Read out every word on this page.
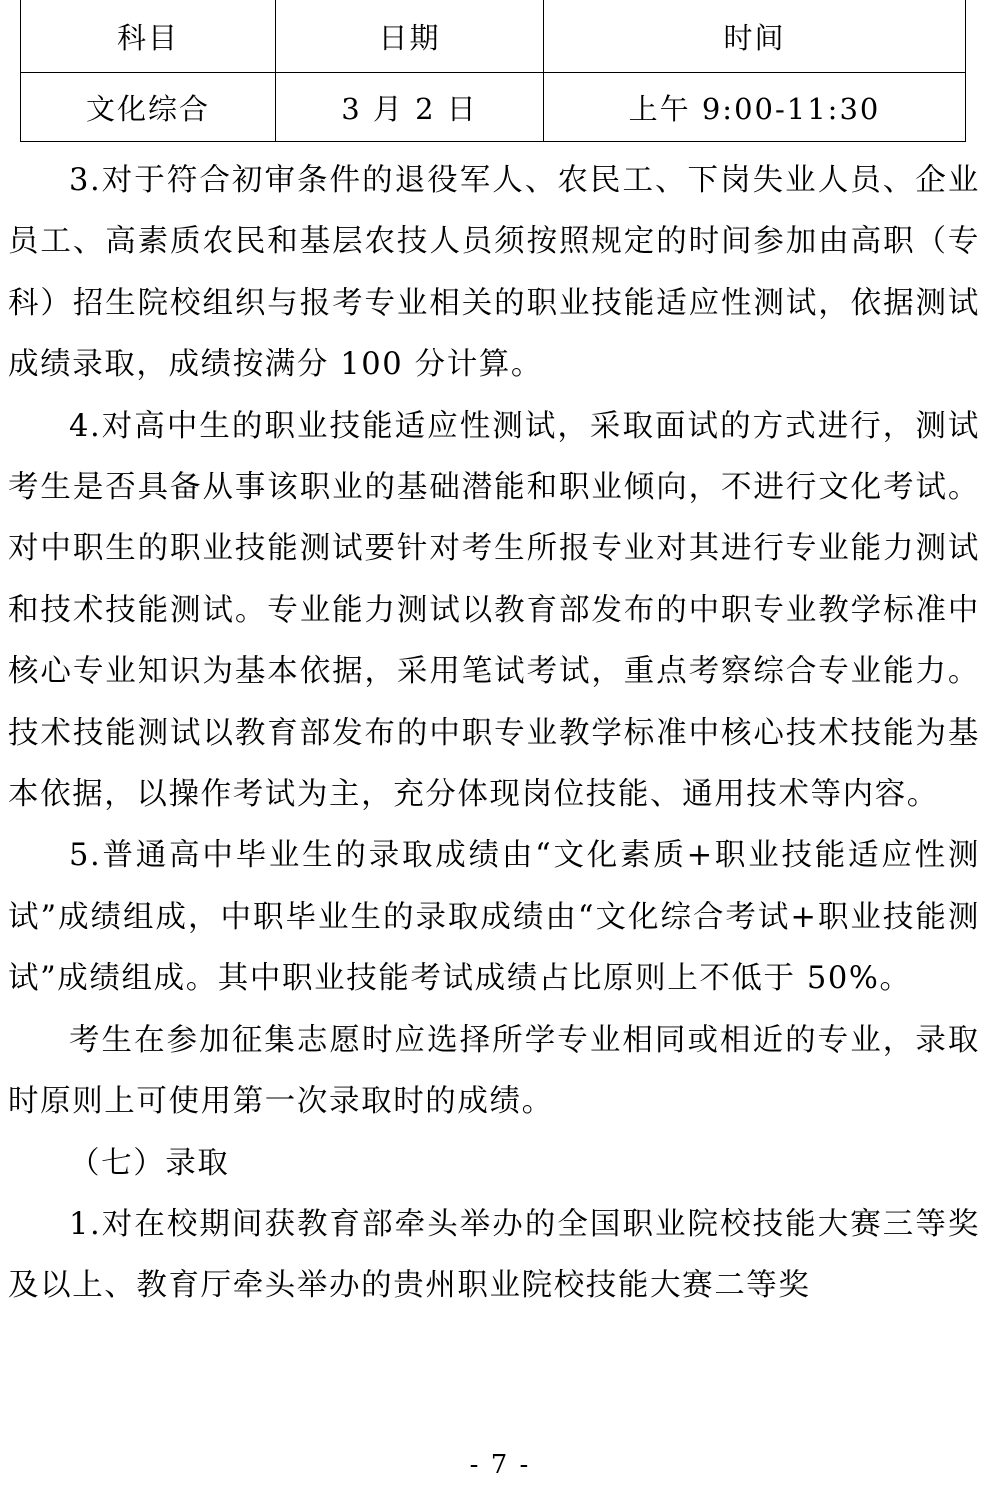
科目	日期	时间
文化综合	3 月 2 日	上午 9:00-11:30

3.对于符合初审条件的退役军人、农民工、下岗失业人员、企业员工、高素质农民和基层农技人员须按照规定的时间参加由高职（专科）招生院校组织与报考专业相关的职业技能适应性测试，依据测试成绩录取，成绩按满分 100 分计算。

4.对高中生的职业技能适应性测试，采取面试的方式进行，测试考生是否具备从事该职业的基础潜能和职业倾向，不进行文化考试。对中职生的职业技能测试要针对考生所报专业对其进行专业能力测试和技术技能测试。专业能力测试以教育部发布的中职专业教学标准中核心专业知识为基本依据，采用笔试考试，重点考察综合专业能力。技术技能测试以教育部发布的中职专业教学标准中核心技术技能为基本依据，以操作考试为主，充分体现岗位技能、通用技术等内容。

5.普通高中毕业生的录取成绩由“文化素质+职业技能适应性测试”成绩组成，中职毕业生的录取成绩由“文化综合考试+职业技能测试”成绩组成。其中职业技能考试成绩占比原则上不低于 50%。

考生在参加征集志愿时应选择所学专业相同或相近的专业，录取时原则上可使用第一次录取时的成绩。

（七）录取

1.对在校期间获教育部牵头举办的全国职业院校技能大赛三等奖及以上、教育厅牵头举办的贵州职业院校技能大赛二等奖

- 7 -
